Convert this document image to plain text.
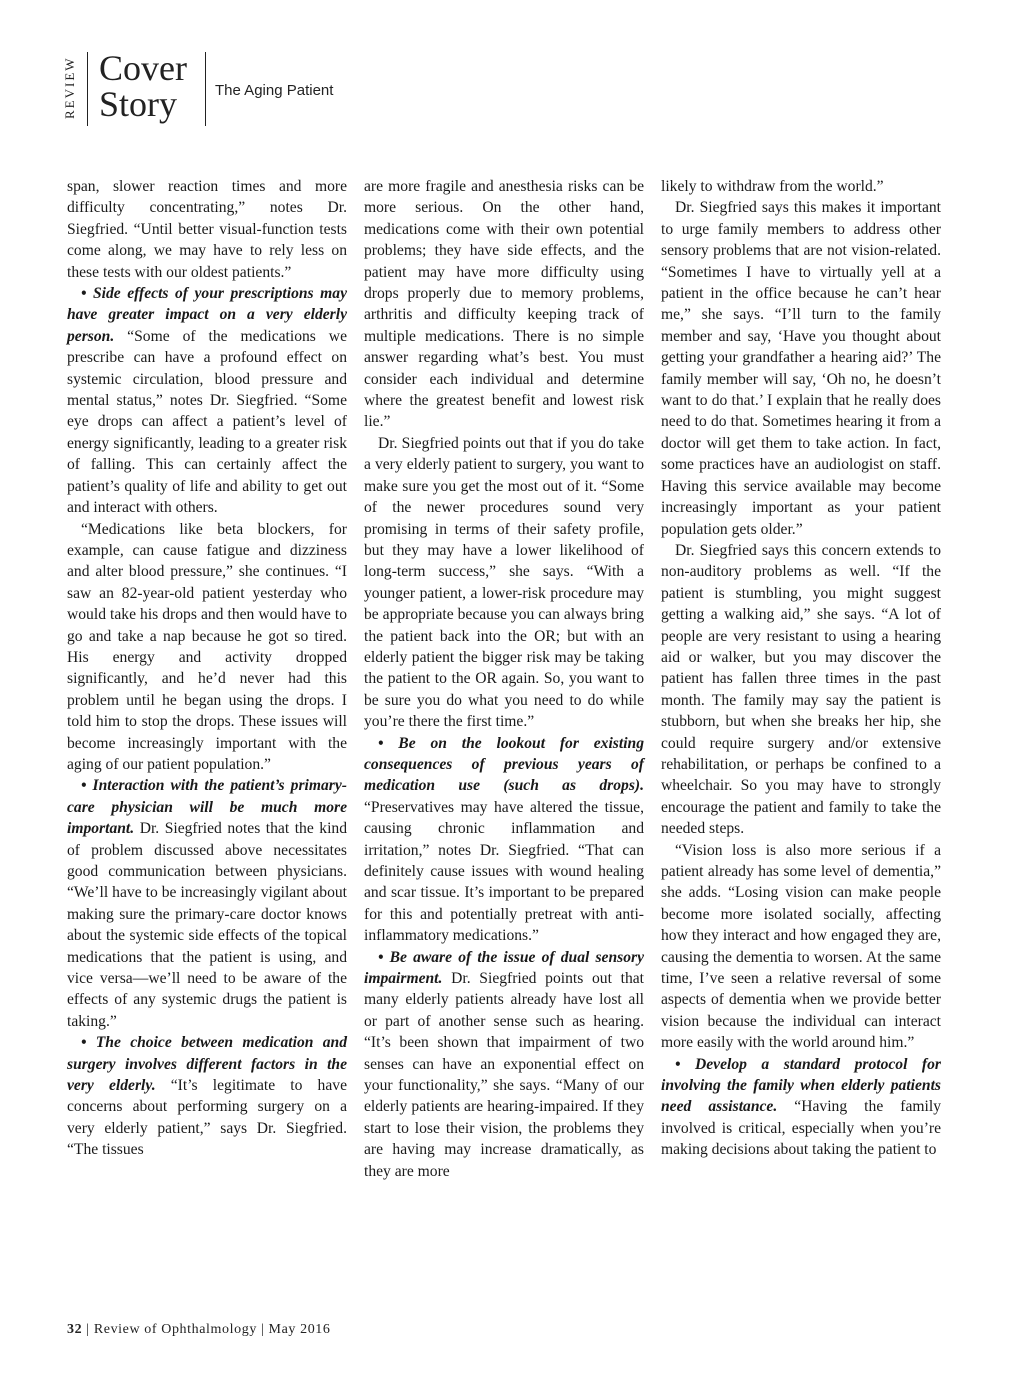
REVIEW Cover
Story	The Aging Patient

span, slower reaction times and more difficulty concentrating,” notes Dr. Siegfried. “Until better visual-function tests come along, we may have to rely less on these tests with our oldest patients.”

• Side effects of your prescriptions may have greater impact on a very elderly person. “Some of the medications we prescribe can have a profound effect on systemic circulation, blood pressure and mental status,” notes Dr. Siegfried. “Some eye drops can affect a patient’s level of energy significantly, leading to a greater risk of falling. This can certainly affect the patient’s quality of life and ability to get out and interact with others.

“Medications like beta blockers, for example, can cause fatigue and dizziness and alter blood pressure,” she continues. “I saw an 82-year-old patient yesterday who would take his drops and then would have to go and take a nap because he got so tired. His energy and activity dropped significantly, and he’d never had this problem until he began using the drops. I told him to stop the drops. These issues will become increasingly important with the aging of our patient population.”

• Interaction with the patient’s primary-care physician will be much more important. Dr. Siegfried notes that the kind of problem discussed above necessitates good communication between physicians. “We’ll have to be increasingly vigilant about making sure the primary-care doctor knows about the systemic side effects of the topical medications that the patient is using, and vice versa—we’ll need to be aware of the effects of any systemic drugs the patient is taking.”

• The choice between medication and surgery involves different factors in the very elderly. “It’s legitimate to have concerns about performing surgery on a very elderly patient,” says Dr. Siegfried. “The tissues

are more fragile and anesthesia risks can be more serious. On the other hand, medications come with their own potential problems; they have side effects, and the patient may have more difficulty using drops properly due to memory problems, arthritis and difficulty keeping track of multiple medications. There is no simple answer regarding what’s best. You must consider each individual and determine where the greatest benefit and lowest risk lie.”

Dr. Siegfried points out that if you do take a very elderly patient to surgery, you want to make sure you get the most out of it. “Some of the newer procedures sound very promising in terms of their safety profile, but they may have a lower likelihood of long-term success,” she says. “With a younger patient, a lower-risk procedure may be appropriate because you can always bring the patient back into the OR; but with an elderly patient the bigger risk may be taking the patient to the OR again. So, you want to be sure you do what you need to do while you’re there the first time.”

• Be on the lookout for existing consequences of previous years of medication use (such as drops). “Preservatives may have altered the tissue, causing chronic inflammation and irritation,” notes Dr. Siegfried. “That can definitely cause issues with wound healing and scar tissue. It’s important to be prepared for this and potentially pretreat with anti-inflammatory medications.”

• Be aware of the issue of dual sensory impairment. Dr. Siegfried points out that many elderly patients already have lost all or part of another sense such as hearing. “It’s been shown that impairment of two senses can have an exponential effect on your functionality,” she says. “Many of our elderly patients are hearing-impaired. If they start to lose their vision, the problems they are having may increase dramatically, as they are more

likely to withdraw from the world.”

Dr. Siegfried says this makes it important to urge family members to address other sensory problems that are not vision-related. “Sometimes I have to virtually yell at a patient in the office because he can’t hear me,” she says. “I’ll turn to the family member and say, ‘Have you thought about getting your grandfather a hearing aid?’ The family member will say, ‘Oh no, he doesn’t want to do that.’ I explain that he really does need to do that. Sometimes hearing it from a doctor will get them to take action. In fact, some practices have an audiologist on staff. Having this service available may become increasingly important as your patient population gets older.”

Dr. Siegfried says this concern extends to non-auditory problems as well. “If the patient is stumbling, you might suggest getting a walking aid,” she says. “A lot of people are very resistant to using a hearing aid or walker, but you may discover the patient has fallen three times in the past month. The family may say the patient is stubborn, but when she breaks her hip, she could require surgery and/or extensive rehabilitation, or perhaps be confined to a wheelchair. So you may have to strongly encourage the patient and family to take the needed steps.

“Vision loss is also more serious if a patient already has some level of dementia,” she adds. “Losing vision can make people become more isolated socially, affecting how they interact and how engaged they are, causing the dementia to worsen. At the same time, I’ve seen a relative reversal of some aspects of dementia when we provide better vision because the individual can interact more easily with the world around him.”

• Develop a standard protocol for involving the family when elderly patients need assistance. “Having the family involved is critical, especially when you’re making decisions about taking the patient to

32 | Review of Ophthalmology | May 2016
